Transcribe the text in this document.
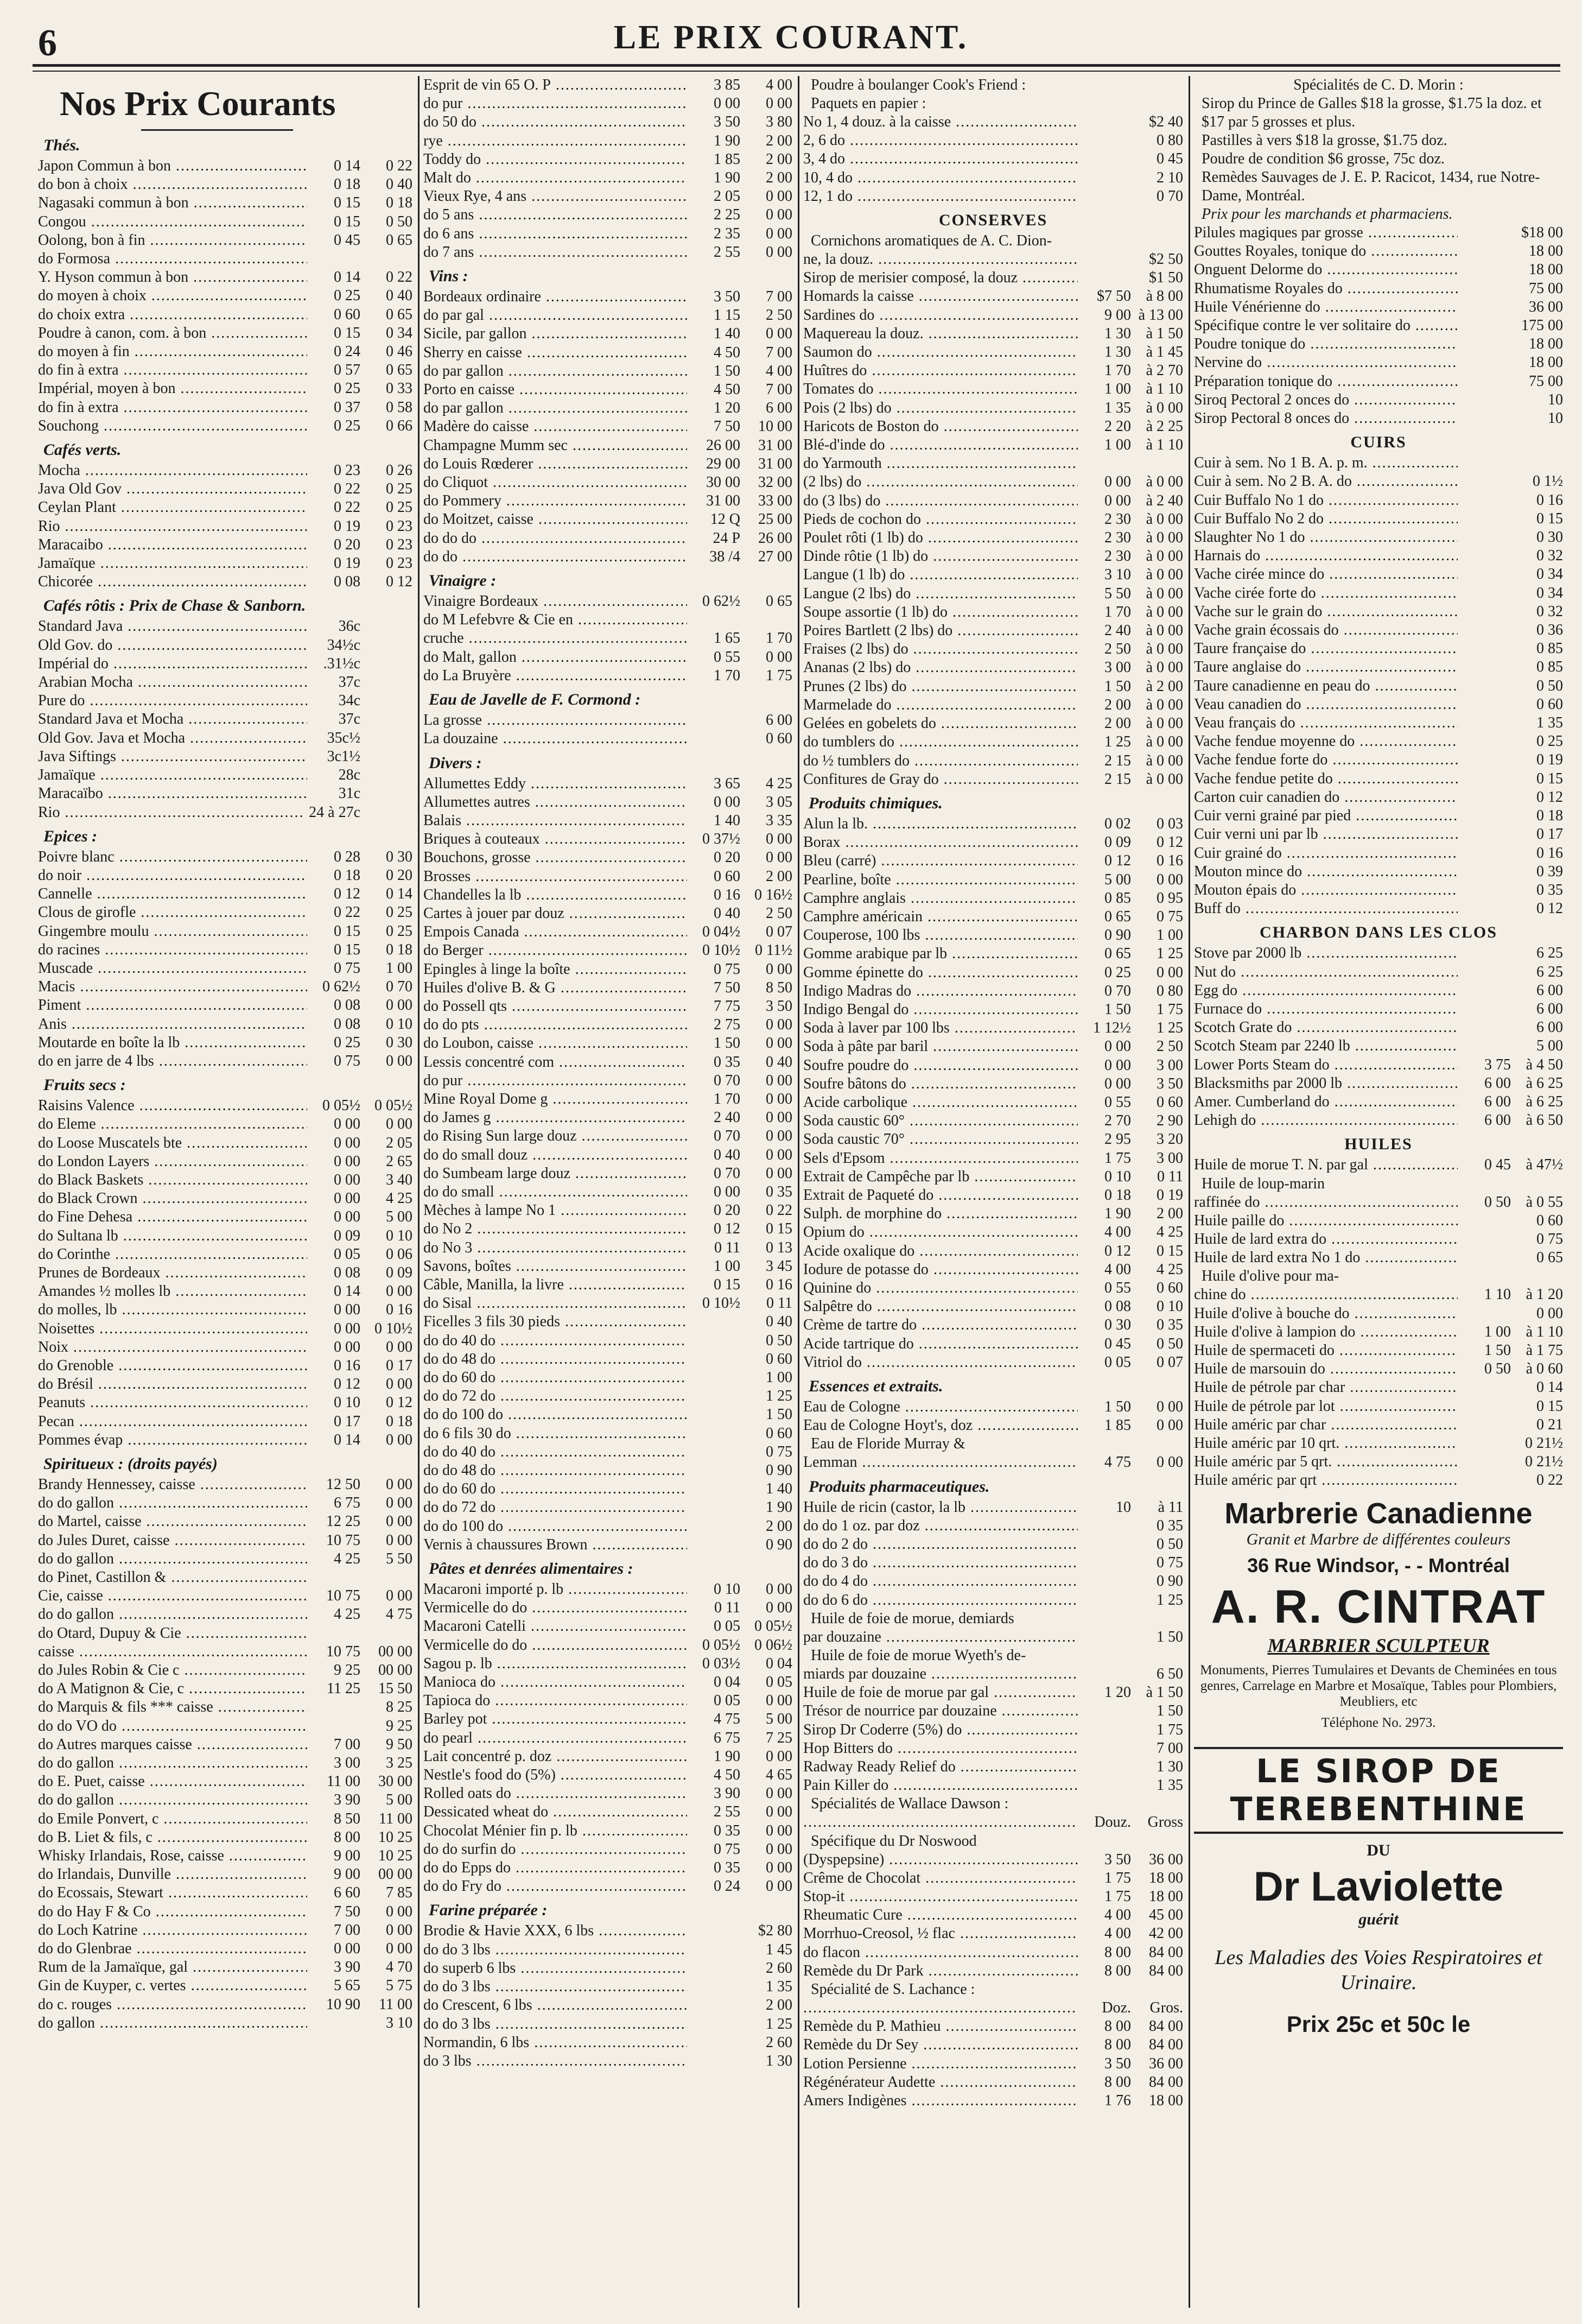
6	LE PRIX COURANT.
Nos Prix Courants
Thés.
Japon Commun à bon .....	0 14	0 22
do bon à choix .....	0 18	0 40
Nagasaki commun à bon .....	0 15	0 18
Congou .....	0 15	0 50
Oolong, bon à fin .....	0 45	0 65
do Formosa .....
Y. Hyson commun à bon .....	0 14	0 22
do moyen à choix .....	0 25	0 40
do choix extra .....	0 60	0 65
Poudre à canon, com. à bon .....	0 15	0 34
do moyen à fin .....	0 24	0 46
do fin à extra .....	0 57	0 65
Impérial, moyen à bon .....	0 25	0 33
do fin à extra .....	0 37	0 58
Souchong .....	0 25	0 66
Cafés verts.
Mocha .....	0 23	0 26
Java Old Gov .....	0 22	0 25
Ceylan Plant .....	0 22	0 25
Rio .....	0 19	0 23
Maracaibo .....	0 20	0 23
Jamaïque .....	0 19	0 23
Chicorée .....	0 08	0 12
Cafés rôtis : Prix de Chase & Sanborn.
Standard Java .....	36c
Old Gov. do .....	34½c
Impérial do .....	.31½c
Arabian Mocha .....	37c
Pure do .....	34c
Standard Java et Mocha .....	37c
Old Gov. Java et Mocha .....	35c½
Java Siftings .....	3c1½
Jamaïque .....	28c
Maracaïbo .....	31c
Rio .....	24 à 27c
Epices :
Poivre blanc .....	0 28	0 30
do noir .....	0 18	0 20
Cannelle .....	0 12	0 14
Clous de girofle .....	0 22	0 25
Gingembre moulu .....	0 15	0 25
do racines .....	0 15	0 18
Muscade .....	0 75	1 00
Macis .....	0 62½	0 70
Piment .....	0 08	0 00
Anis .....	0 08	0 10
Moutarde en boîte la lb .....	0 25	0 30
do en jarre de 4 lbs .....	0 75	0 00
Fruits secs :
Raisins Valence .....	0 05½ 0 05½
do Eleme .....	0 00	0 00
do Loose Muscatels bte .....	0 00	2 05
do London Layers .....	0 00	2 65
do Black Baskets .....	0 00	3 40
do Black Crown .....	0 00	4 25
do Fine Dehesa .....	0 00	5 00
do Sultana lb .....	0 09	0 10
do Corinthe .....	0 05	0 06
Prunes de Bordeaux .....	0 08	0 09
Amandes ½ molles lb .....	0 14	0 00
do molles, lb .....	0 00	0 16
Noisettes .....	0 00 0 10½
Noix .....	0 00	0 00
do Grenoble .....	0 16	0 17
do Brésil .....	0 12	0 00
Peanuts .....	0 10	0 12
Pecan .....	0 17	0 18
Pommes évap .....	0 14	0 00
Spiritueux : (droits payés)
Brandy Hennessey, caisse .....	12 50	0 00
do do gallon .....	6 75	0 00
do Martel, caisse .....	12 25	0 00
do Jules Duret, caisse .....	10 75	0 00
do do gallon .....	4 25	5 50
do Pinet, Castillon & .....
Cie, caisse .....	10 75	0 00
do do gallon .....	4 25	4 75
do Otard, Dupuy & Cie .....
caisse .....	10 75	00 00
do Jules Robin & Cie c .....	9 25	00 00
do A Matignon & Cie, c .....	11 25	15 50
do Marquis & fils *** caisse .....	8 25
do do VO do .....	9 25
do Autres marques caisse .....	7 00	9 50
do do gallon .....	3 00	3 25
do E. Puet, caisse .....	11 00	30 00
do do gallon .....	3 90	5 00
do Emile Ponvert, c .....	8 50	11 00
do B. Liet & fils, c .....	8 00	10 25
Whisky Irlandais, Rose, caisse .....	9 00	10 25
do Irlandais, Dunville .....	9 00	00 00
do Ecossais, Stewart .....	6 60	7 85
do do Hay F & Co .....	7 50	0 00
do Loch Katrine .....	7 00	0 00
do do Glenbrae .....	0 00	0 00
Rum de la Jamaïque, gal .....	3 90	4 70
Gin de Kuyper, c. vertes .....	5 65	5 75
do c. rouges .....	10 90	11 00
do gallon .....	3 10
Esprit de vin 65 O. P .....	3 85	4 00
do pur .....	0 00	0 00
do 50 do .....	3 50	3 80
rye .....	1 90	2 00
Toddy do .....	1 85	2 00
Malt do .....	1 90	2 00
Vieux Rye, 4 ans .....	2 05	0 00
do 5 ans .....	2 25	0 00
do 6 ans .....	2 35	0 00
do 7 ans .....	2 55	0 00
Vins :
Bordeaux ordinaire .....	3 50	7 00
do par gal .....	1 15	2 50
Sicile, par gallon .....	1 40	0 00
Sherry en caisse .....	4 50	7 00
do par gallon .....	1 50	4 00
Porto en caisse .....	4 50	7 00
do par gallon .....	1 20	6 00
Madère do caisse .....	7 50	10 00
Champagne Mumm sec .....	26 00	31 00
do Louis Rœderer .....	29 00	31 00
do Cliquot .....	30 00	32 00
do Pommery .....	31 00	33 00
do Moitzet, caisse .....	12 Q	25 00
do do do .....	24 P	26 00
do do .....	38 /4	27 00
Vinaigre :
Vinaigre Bordeaux .....	0 62½	0 65
do M Lefebvre & Cie en .....
cruche .....	1 65	1 70
do Malt, gallon .....	0 55	0 00
do La Bruyère .....	1 70	1 75
Eau de Javelle de F. Cormond :
La grosse .....	6 00
La douzaine .....	0 60
Divers :
Allumettes Eddy .....	3 65	4 25
Allumettes autres .....	0 00	3 05
Balais .....	1 40	3 35
Briques à couteaux .....	0 37½	0 00
Bouchons, grosse .....	0 20	0 00
Brosses .....	0 60	2 00
Chandelles la lb .....	0 16 0 16½
Cartes à jouer par douz .....	0 40	2 50
Empois Canada .....	0 04½	0 07
do Berger .....	0 10½ 0 11½
Epingles à linge la boîte .....	0 75	0 00
Huiles d'olive B. & G .....	7 50	8 50
do Possell qts .....	7 75	3 50
do do pts .....	2 75	0 00
do Loubon, caisse .....	1 50	0 00
Lessis concentré com .....	0 35	0 40
do pur .....	0 70	0 00
Mine Royal Dome g .....	1 70	0 00
do James g .....	2 40	0 00
do Rising Sun large douz .....	0 70	0 00
do do small douz .....	0 40	0 00
do Sumbeam large douz .....	0 70	0 00
do do small .....	0 00	0 35
Mèches à lampe No 1 .....	0 20	0 22
do No 2 .....	0 12	0 15
do No 3 .....	0 11	0 13
Savons, boîtes .....	1 00	3 45
Câble, Manilla, la livre .....	0 15	0 16
do Sisal .....	0 10½	0 11
Ficelles 3 fils 30 pieds .....	0 40
do do 40 do .....	0 50
do do 48 do .....	0 60
do do 60 do .....	1 00
do do 72 do .....	1 25
do do 100 do .....	1 50
do 6 fils 30 do .....	0 60
do do 40 do .....	0 75
do do 48 do .....	0 90
do do 60 do .....	1 40
do do 72 do .....	1 90
do do 100 do .....	2 00
Vernis à chaussures Brown .....	0 90
Pâtes et denrées alimentaires :
Macaroni importé p. lb .....	0 10	0 00
Vermicelle do do .....	0 11	0 00
Macaroni Catelli .....	0 05 0 05½
Vermicelle do do .....	0 05½ 0 06½
Sagou p. lb .....	0 03½	0 04
Manioca do .....	0 04	0 05
Tapioca do .....	0 05	0 00
Barley pot .....	4 75	5 00
do pearl .....	6 75	7 25
Lait concentré p. doz .....	1 90	0 00
Nestle's food do (5%) .....	4 50	4 65
Rolled oats do .....	3 90	0 00
Dessicated wheat do .....	2 55	0 00
Chocolat Ménier fin p. lb .....	0 35	0 00
do do surfin do .....	0 75	0 00
do do Epps do .....	0 35	0 00
do do Fry do .....	0 24	0 00
Farine préparée :
Brodie & Havie XXX, 6 lbs .....	$2 80
do do 3 lbs .....	1 45
do superb 6 lbs .....	2 60
do do 3 lbs .....	1 35
do Crescent, 6 lbs .....	2 00
do do 3 lbs .....	1 25
Normandin, 6 lbs .....	2 60
do 3 lbs .....	1 30
Poudre à boulanger Cook's Friend :
Paquets en papier :
No 1, 4 douz. à la caisse .....	$2 40
2, 6 do .....	0 80
3, 4 do .....	0 45
10, 4 do .....	2 10
12, 1 do .....	0 70
CONSERVES
Cornichons aromatiques de A. C. Dion-
ne, la douz. .....	$2 50
Sirop de merisier composé, la douz .....	$1 50
Homards la caisse .....	$7 50 à 8 00
Sardines do .....	9 00 à 13 00
Maquereau la douz. .....	1 30 à 1 50
Saumon do .....	1 30 à 1 45
Huîtres do .....	1 70 à 2 70
Tomates do .....	1 00 à 1 10
Pois (2 lbs) do .....	1 35 à 0 00
Haricots de Boston do .....	2 20 à 2 25
Blé-d'inde do .....	1 00 à 1 10
do Yarmouth .....
(2 lbs) do .....	0 00 à 0 00
do (3 lbs) do .....	0 00 à 2 40
Pieds de cochon do .....	2 30 à 0 00
Poulet rôti (1 lb) do .....	2 30 à 0 00
Dinde rôtie (1 lb) do .....	2 30 à 0 00
Langue (1 lb) do .....	3 10 à 0 00
Langue (2 lbs) do .....	5 50 à 0 00
Soupe assortie (1 lb) do .....	1 70 à 0 00
Poires Bartlett (2 lbs) do .....	2 40 à 0 00
Fraises (2 lbs) do .....	2 50 à 0 00
Ananas (2 lbs) do .....	3 00 à 0 00
Prunes (2 lbs) do .....	1 50 à 2 00
Marmelade do .....	2 00 à 0 00
Gelées en gobelets do .....	2 00 à 0 00
do tumblers do .....	1 25 à 0 00
do ½ tumblers do .....	2 15 à 0 00
Confitures de Gray do .....	2 15 à 0 00
Produits chimiques.
Alun la lb. .....	0 02	0 03
Borax .....	0 09	0 12
Bleu (carré) .....	0 12	0 16
Pearline, boîte .....	5 00	0 00
Camphre anglais .....	0 85	0 95
Camphre américain .....	0 65	0 75
Couperose, 100 lbs .....	0 90	1 00
Gomme arabique par lb .....	0 65	1 25
Gomme épinette do .....	0 25	0 00
Indigo Madras do .....	0 70	0 80
Indigo Bengal do .....	1 50	1 75
Soda à laver par 100 lbs .....	1 12½	1 25
Soda à pâte par baril .....	0 00	2 50
Soufre poudre do .....	0 00	3 00
Soufre bâtons do .....	0 00	3 50
Acide carbolique .....	0 55	0 60
Soda caustic 60° .....	2 70	2 90
Soda caustic 70° .....	2 95	3 20
Sels d'Epsom .....	1 75	3 00
Extrait de Campêche par lb .....	0 10	0 11
Extrait de Paqueté do .....	0 18	0 19
Sulph. de morphine do .....	1 90	2 00
Opium do .....	4 00	4 25
Acide oxalique do .....	0 12	0 15
Iodure de potasse do .....	4 00	4 25
Quinine do .....	0 55	0 60
Salpêtre do .....	0 08	0 10
Crème de tartre do .....	0 30	0 35
Acide tartrique do .....	0 45	0 50
Vitriol do .....	0 05	0 07
Essences et extraits.
Eau de Cologne .....	1 50	0 00
Eau de Cologne Hoyt's, doz .....	1 85	0 00
Eau de Floride Murray &
Lemman .....	4 75	0 00
Produits pharmaceutiques.
Huile de ricin (castor, la lb .....	10	à 11
do do 1 oz. par doz .....	0 35
do do 2 do .....	0 50
do do 3 do .....	0 75
do do 4 do .....	0 90
do do 6 do .....	1 25
Huile de foie de morue, demiards
par douzaine .....	1 50
Huile de foie de morue Wyeth's de-
miards par douzaine .....	6 50
Huile de foie de morue par gal .....	1 20 à 1 50
Trésor de nourrice par douzaine .....	1 50
Sirop Dr Coderre (5%) do .....	1 75
Hop Bitters do .....	7 00
Radway Ready Relief do .....	1 30
Pain Killer do .....	1 35
Spécialités de Wallace Dawson :
.....
Douz.	Gross
Spécifique du Dr Noswood
(Dyspepsine) .....	3 50	36 00
Crême de Chocolat .....	1 75	18 00
Stop-it .....	1 75	18 00
Rheumatic Cure .....	4 00	45 00
Morrhuo-Creosol, ½ flac .....	4 00	42 00
do flacon .....	8 00	84 00
Remède du Dr Park .....	8 00	84 00
Spécialité de S. Lachance :
.....
Doz.	Gros.
Remède du P. Mathieu .....	8 00	84 00
Remède du Dr Sey .....	8 00	84 00
Lotion Persienne .....	3 50	36 00
Régénérateur Audette .....	8 00	84 00
Amers Indigènes .....	1 76	18 00
Spécialités de C. D. Morin :
Sirop du Prince de Galles $18 la grosse, $1.75 la doz. et $17 par 5 grosses et plus.
Pastilles à vers $18 la grosse, $1.75 doz.
Poudre de condition $6 grosse, 75c doz.
Remèdes Sauvages de J. E. P. Racicot, 1434, rue Notre-Dame, Montréal.
Prix pour les marchands et pharmaciens.
Pilules magiques par grosse .....	$18 00
Gouttes Royales, tonique do .....	18 00
Onguent Delorme do .....	18 00
Rhumatisme Royales do .....	75 00
Huile Vénérienne do .....	36 00
Spécifique contre le ver solitaire do .....	175 00
Poudre tonique do .....	18 00
Nervine do .....	18 00
Préparation tonique do .....	75 00
Siroq Pectoral 2 onces do .....	10
Sirop Pectoral 8 onces do .....	10
CUIRS
Cuir à sem. No 1 B. A. p. m. .....
Cuir à sem. No 2 B. A. do .....	0 1½
Cuir Buffalo No 1 do .....	0 16
Cuir Buffalo No 2 do .....	0 15
Slaughter No 1 do .....	0 30
Harnais do .....	0 32
Vache cirée mince do .....	0 34
Vache cirée forte do .....	0 34
Vache sur le grain do .....	0 32
Vache grain écossais do .....	0 36
Taure française do .....	0 85
Taure anglaise do .....	0 85
Taure canadienne en peau do .....	0 50
Veau canadien do .....	0 60
Veau français do .....	1 35
Vache fendue moyenne do .....	0 25
Vache fendue forte do .....	0 19
Vache fendue petite do .....	0 15
Carton cuir canadien do .....	0 12
Cuir verni grainé par pied .....	0 18
Cuir verni uni par lb .....	0 17
Cuir grainé do .....	0 16
Mouton mince do .....	0 39
Mouton épais do .....	0 35
Buff do .....	0 12
CHARBON DANS LES CLOS
Stove par 2000 lb .....	6 25
Nut do .....	6 25
Egg do .....	6 00
Furnace do .....	6 00
Scotch Grate do .....	6 00
Scotch Steam par 2240 lb .....	5 00
Lower Ports Steam do .....	3 75 à 4 50
Blacksmiths par 2000 lb .....	6 00 à 6 25
Amer. Cumberland do .....	6 00 à 6 25
Lehigh do .....	6 00 à 6 50
HUILES
Huile de morue T. N. par gal .....	0 45 à 47½
Huile de loup-marin
raffinée do .....	0 50 à 0 55
Huile paille do .....	0 60
Huile de lard extra do .....	0 75
Huile de lard extra No 1 do .....	0 65
Huile d'olive pour ma-
chine do .....	1 10 à 1 20
Huile d'olive à bouche do .....	0 00
Huile d'olive à lampion do .....	1 00 à 1 10
Huile de spermaceti do .....	1 50 à 1 75
Huile de marsouin do .....	0 50 à 0 60
Huile de pétrole par char .....	0 14
Huile de pétrole par lot .....	0 15
Huile améric par char .....	0 21
Huile améric par 10 qrt. .....	0 21½
Huile améric par 5 qrt. .....	0 21½
Huile améric par qrt .....	0 22
Marbrerie Canadienne
Granit et Marbre de différentes couleurs
36 Rue Windsor, - - Montréal
A. R. CINTRAT
MARBRIER SCULPTEUR
Monuments, Pierres Tumulaires et Devants de Cheminées en tous genres, Carrelage en Marbre et Mosaïque, Tables pour Plombiers, Meubliers, etc
Téléphone No. 2973.
LE SIROP DE TEREBENTHINE
DU
Dr Laviolette
guérit
Les Maladies des Voies Respiratoires et Urinaire.
Prix 25c et 50c le
